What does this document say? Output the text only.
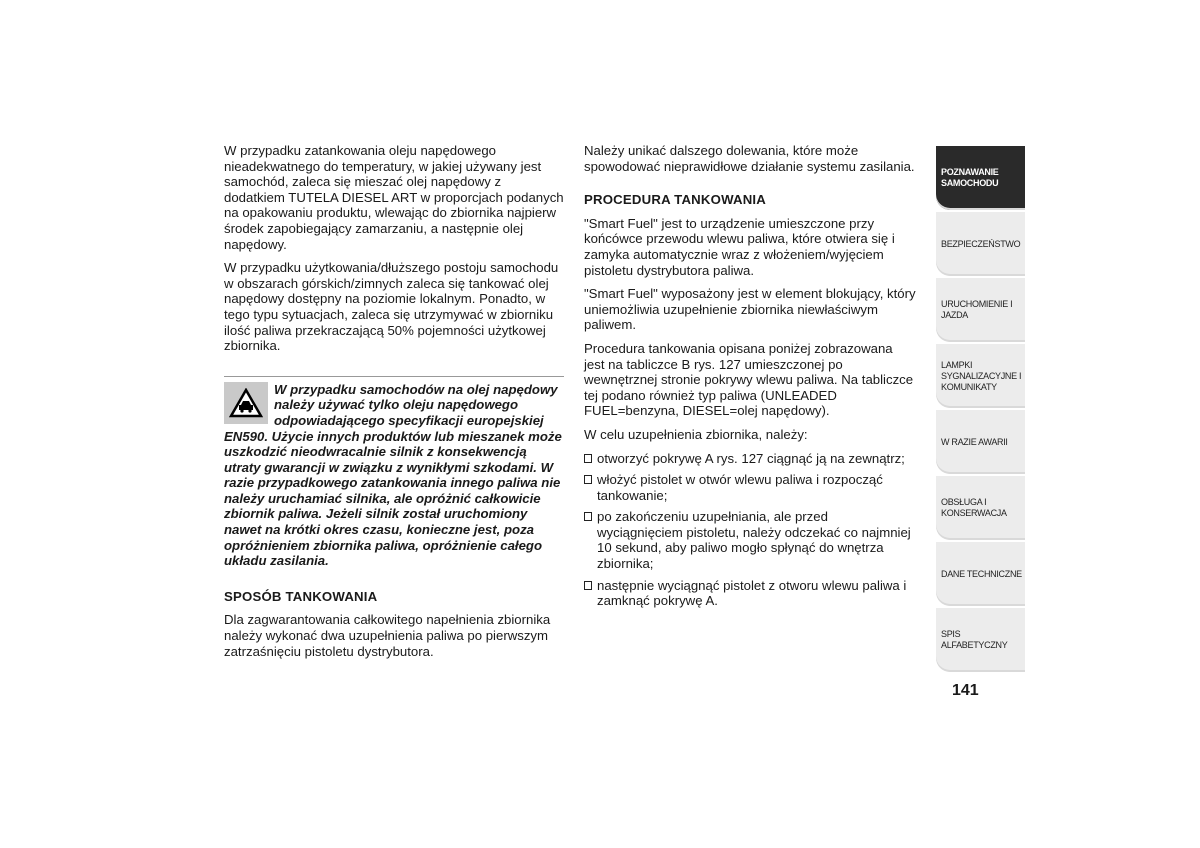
W przypadku zatankowania oleju napędowego nieadekwatnego do temperatury, w jakiej używany jest samochód, zaleca się mieszać olej napędowy z dodatkiem TUTELA DIESEL ART w proporcjach podanych na opakowaniu produktu, wlewając do zbiornika najpierw środek zapobiegający zamarzaniu, a następnie olej napędowy.

W przypadku użytkowania/dłuższego postoju samochodu w obszarach górskich/zimnych zaleca się tankować olej napędowy dostępny na poziomie lokalnym. Ponadto, w tego typu sytuacjach, zaleca się utrzymywać w zbiorniku ilość paliwa przekraczającą 50% pojemności użytkowej zbiornika.

W przypadku samochodów na olej napędowy należy używać tylko oleju napędowego odpowiadającego specyfikacji europejskiej EN590. Użycie innych produktów lub mieszanek może uszkodzić nieodwracalnie silnik z konsekwencją utraty gwarancji w związku z wynikłymi szkodami. W razie przypadkowego zatankowania innego paliwa nie należy uruchamiać silnika, ale opróżnić całkowicie zbiornik paliwa. Jeżeli silnik został uruchomiony nawet na krótki okres czasu, konieczne jest, poza opróżnieniem zbiornika paliwa, opróżnienie całego układu zasilania.

SPOSÓB TANKOWANIA

Dla zagwarantowania całkowitego napełnienia zbiornika należy wykonać dwa uzupełnienia paliwa po pierwszym zatrzaśnięciu pistoletu dystrybutora.

Należy unikać dalszego dolewania, które może spowodować nieprawidłowe działanie systemu zasilania.

PROCEDURA TANKOWANIA

"Smart Fuel" jest to urządzenie umieszczone przy końcówce przewodu wlewu paliwa, które otwiera się i zamyka automatycznie wraz z włożeniem/wyjęciem pistoletu dystrybutora paliwa.

"Smart Fuel" wyposażony jest w element blokujący, który uniemożliwia uzupełnienie zbiornika niewłaściwym paliwem.

Procedura tankowania opisana poniżej zobrazowana jest na tabliczce B rys. 127 umieszczonej po wewnętrznej stronie pokrywy wlewu paliwa. Na tabliczce tej podano również typ paliwa (UNLEADED FUEL=benzyna, DIESEL=olej napędowy).

W celu uzupełnienia zbiornika, należy:

otworzyć pokrywę A rys. 127 ciągnąć ją na zewnątrz;

włożyć pistolet w otwór wlewu paliwa i rozpocząć tankowanie;

po zakończeniu uzupełniania, ale przed wyciągnięciem pistoletu, należy odczekać co najmniej 10 sekund, aby paliwo mogło spłynąć do wnętrza zbiornika;

następnie wyciągnąć pistolet z otworu wlewu paliwa i zamknąć pokrywę A.

POZNAWANIE SAMOCHODU
BEZPIECZEŃSTWO
URUCHOMIENIE I JAZDA
LAMPKI SYGNALIZACYJNE I KOMUNIKATY
W RAZIE AWARII
OBSŁUGA I KONSERWACJA
DANE TECHNICZNE
SPIS ALFABETYCZNY
141
